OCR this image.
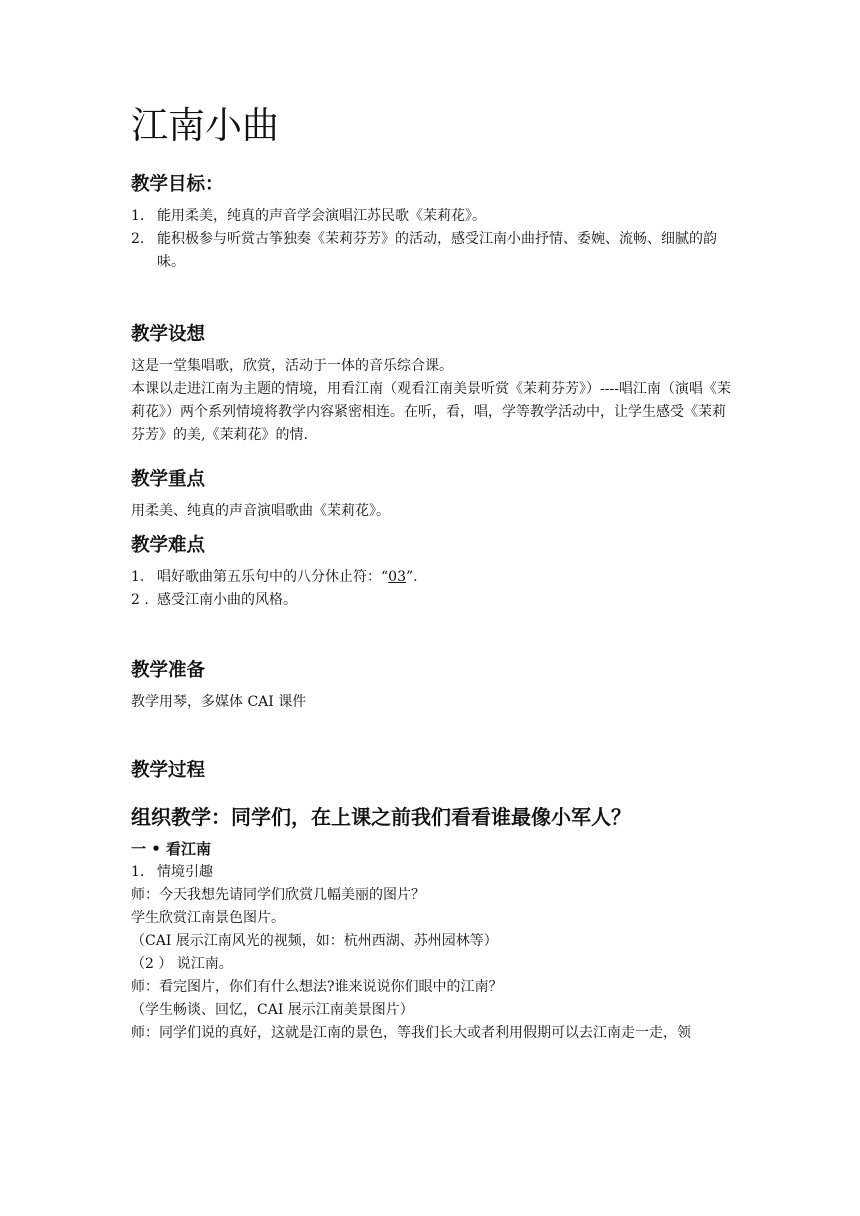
江南小曲
教学目标：
1. 能用柔美，纯真的声音学会演唱江苏民歌《茉莉花》。
2. 能积极参与听赏古筝独奏《茉莉芬芳》的活动，感受江南小曲抒情、委婉、流畅、细腻的韵味。
教学设想

这是一堂集唱歌，欣赏，活动于一体的音乐综合课。

本课以走进江南为主题的情境，用看江南（观看江南美景听赏《茉莉芬芳》）----唱江南（演唱《茉莉花》）两个系列情境将教学内容紧密相连。在听，看，唱，学等教学活动中，让学生感受《茉莉芬芳》的美,《茉莉花》的情.

教学重点

用柔美、纯真的声音演唱歌曲《茉莉花》。

教学难点
1. 唱好歌曲第五乐句中的八分休止符：“03”.
2 . 感受江南小曲的风格。
教学准备

教学用琴，多媒体 CAI 课件

教学过程
组织教学：同学们，在上课之前我们看看谁最像小军人？
一 • 看江南
1. 情境引趣

师：今天我想先请同学们欣赏几幅美丽的图片？

学生欣赏江南景色图片。

（CAI 展示江南风光的视频，如：杭州西湖、苏州园林等）

（2 ） 说江南。

师：看完图片，你们有什么想法?谁来说说你们眼中的江南？

（学生畅谈、回忆，CAI 展示江南美景图片）

师：同学们说的真好，这就是江南的景色，等我们长大或者利用假期可以去江南走一走，领
